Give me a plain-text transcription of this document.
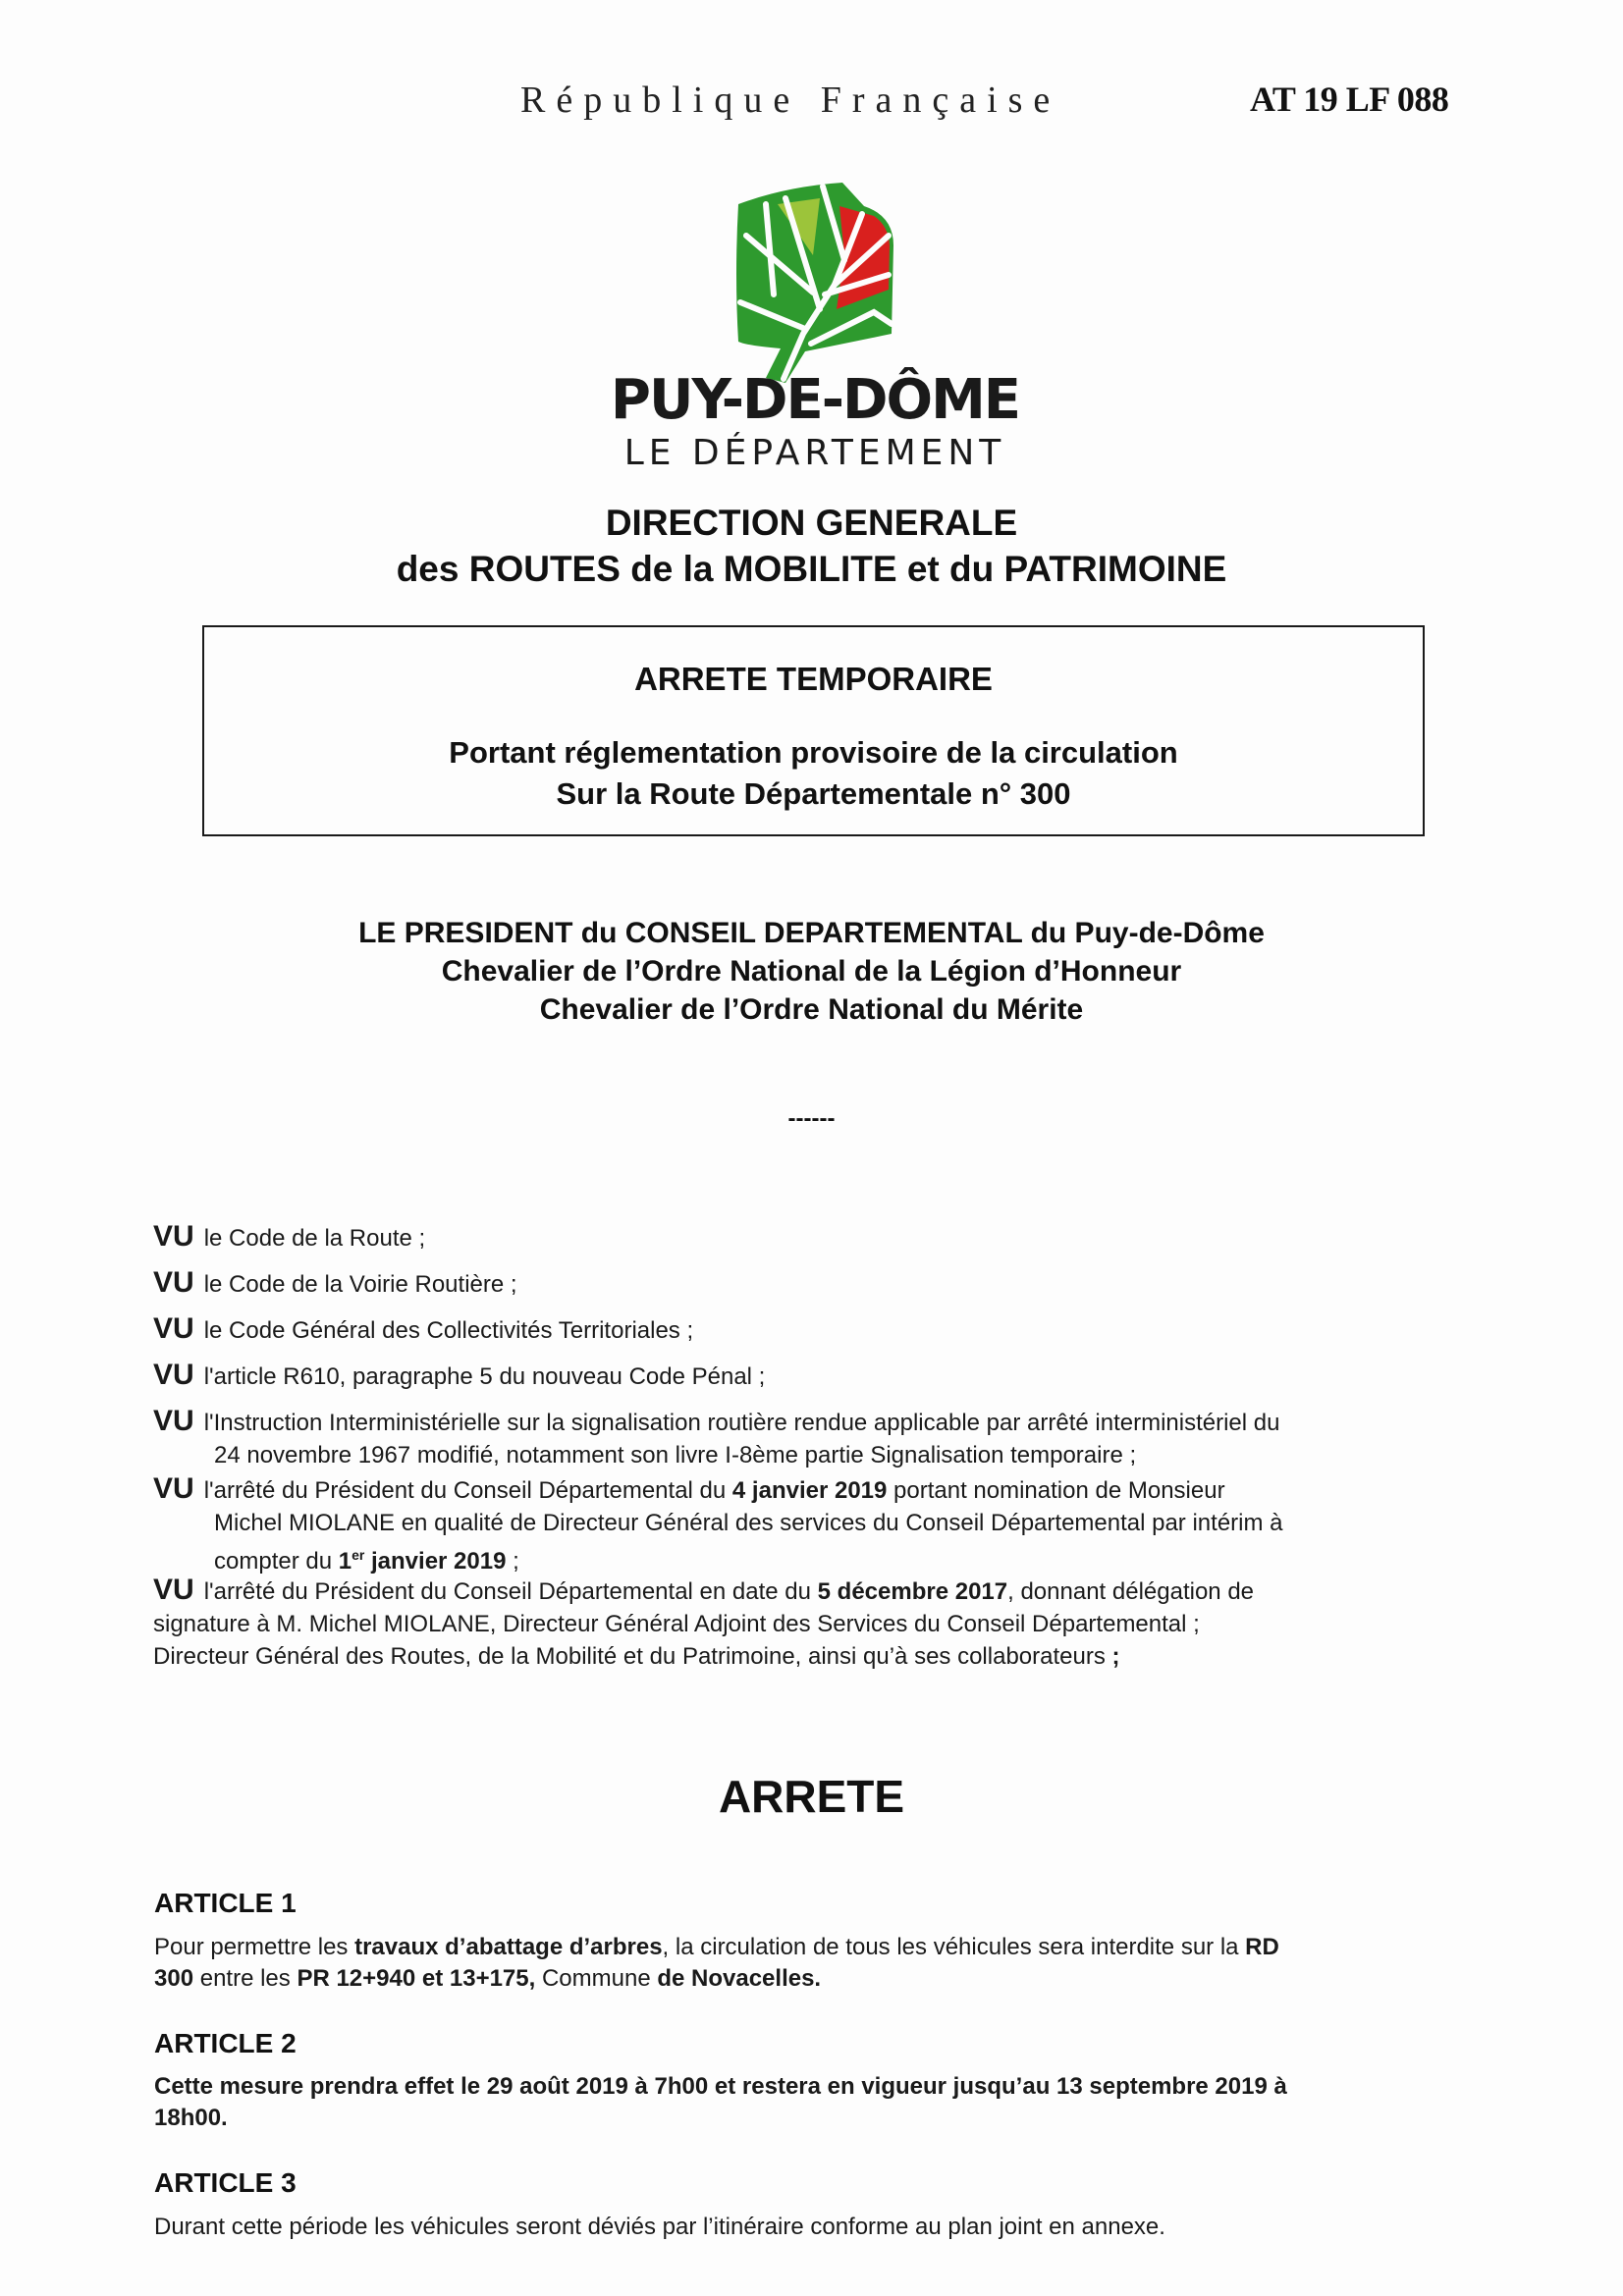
République Française	AT 19 LF 088
PUY-DE-DÔME
LE DÉPARTEMENT
DIRECTION GENERALE
des ROUTES de la MOBILITE et du PATRIMOINE
ARRETE TEMPORAIRE
Portant réglementation provisoire de la circulation
Sur la Route Départementale n° 300
LE PRESIDENT du CONSEIL DEPARTEMENTAL du Puy-de-Dôme
Chevalier de l’Ordre National de la Légion d’Honneur
Chevalier de l’Ordre National du Mérite
------
VU le Code de la Route ;
VU le Code de la Voirie Routière ;
VU le Code Général des Collectivités Territoriales ;
VU l'article R610, paragraphe 5 du nouveau Code Pénal ;
VU l'Instruction Interministérielle sur la signalisation routière rendue applicable par arrêté interministériel du
24 novembre 1967 modifié, notamment son livre I-8ème partie Signalisation temporaire ;
VU l'arrêté du Président du Conseil Départemental du 4 janvier 2019 portant nomination de Monsieur
Michel MIOLANE en qualité de Directeur Général des services du Conseil Départemental par intérim à
compter du 1er janvier 2019 ;
VU l'arrêté du Président du Conseil Départemental en date du 5 décembre 2017, donnant délégation de
signature à M. Michel MIOLANE, Directeur Général Adjoint des Services du Conseil Départemental ;
Directeur Général des Routes, de la Mobilité et du Patrimoine, ainsi qu’à ses collaborateurs ;
ARRETE
ARTICLE 1
Pour permettre les travaux d’abattage d’arbres, la circulation de tous les véhicules sera interdite sur la RD
300 entre les PR 12+940 et 13+175, Commune de Novacelles.
ARTICLE 2
Cette mesure prendra effet le 29 août 2019 à 7h00 et restera en vigueur jusqu’au 13 septembre 2019 à
18h00.
ARTICLE 3
Durant cette période les véhicules seront déviés par l’itinéraire conforme au plan joint en annexe.
